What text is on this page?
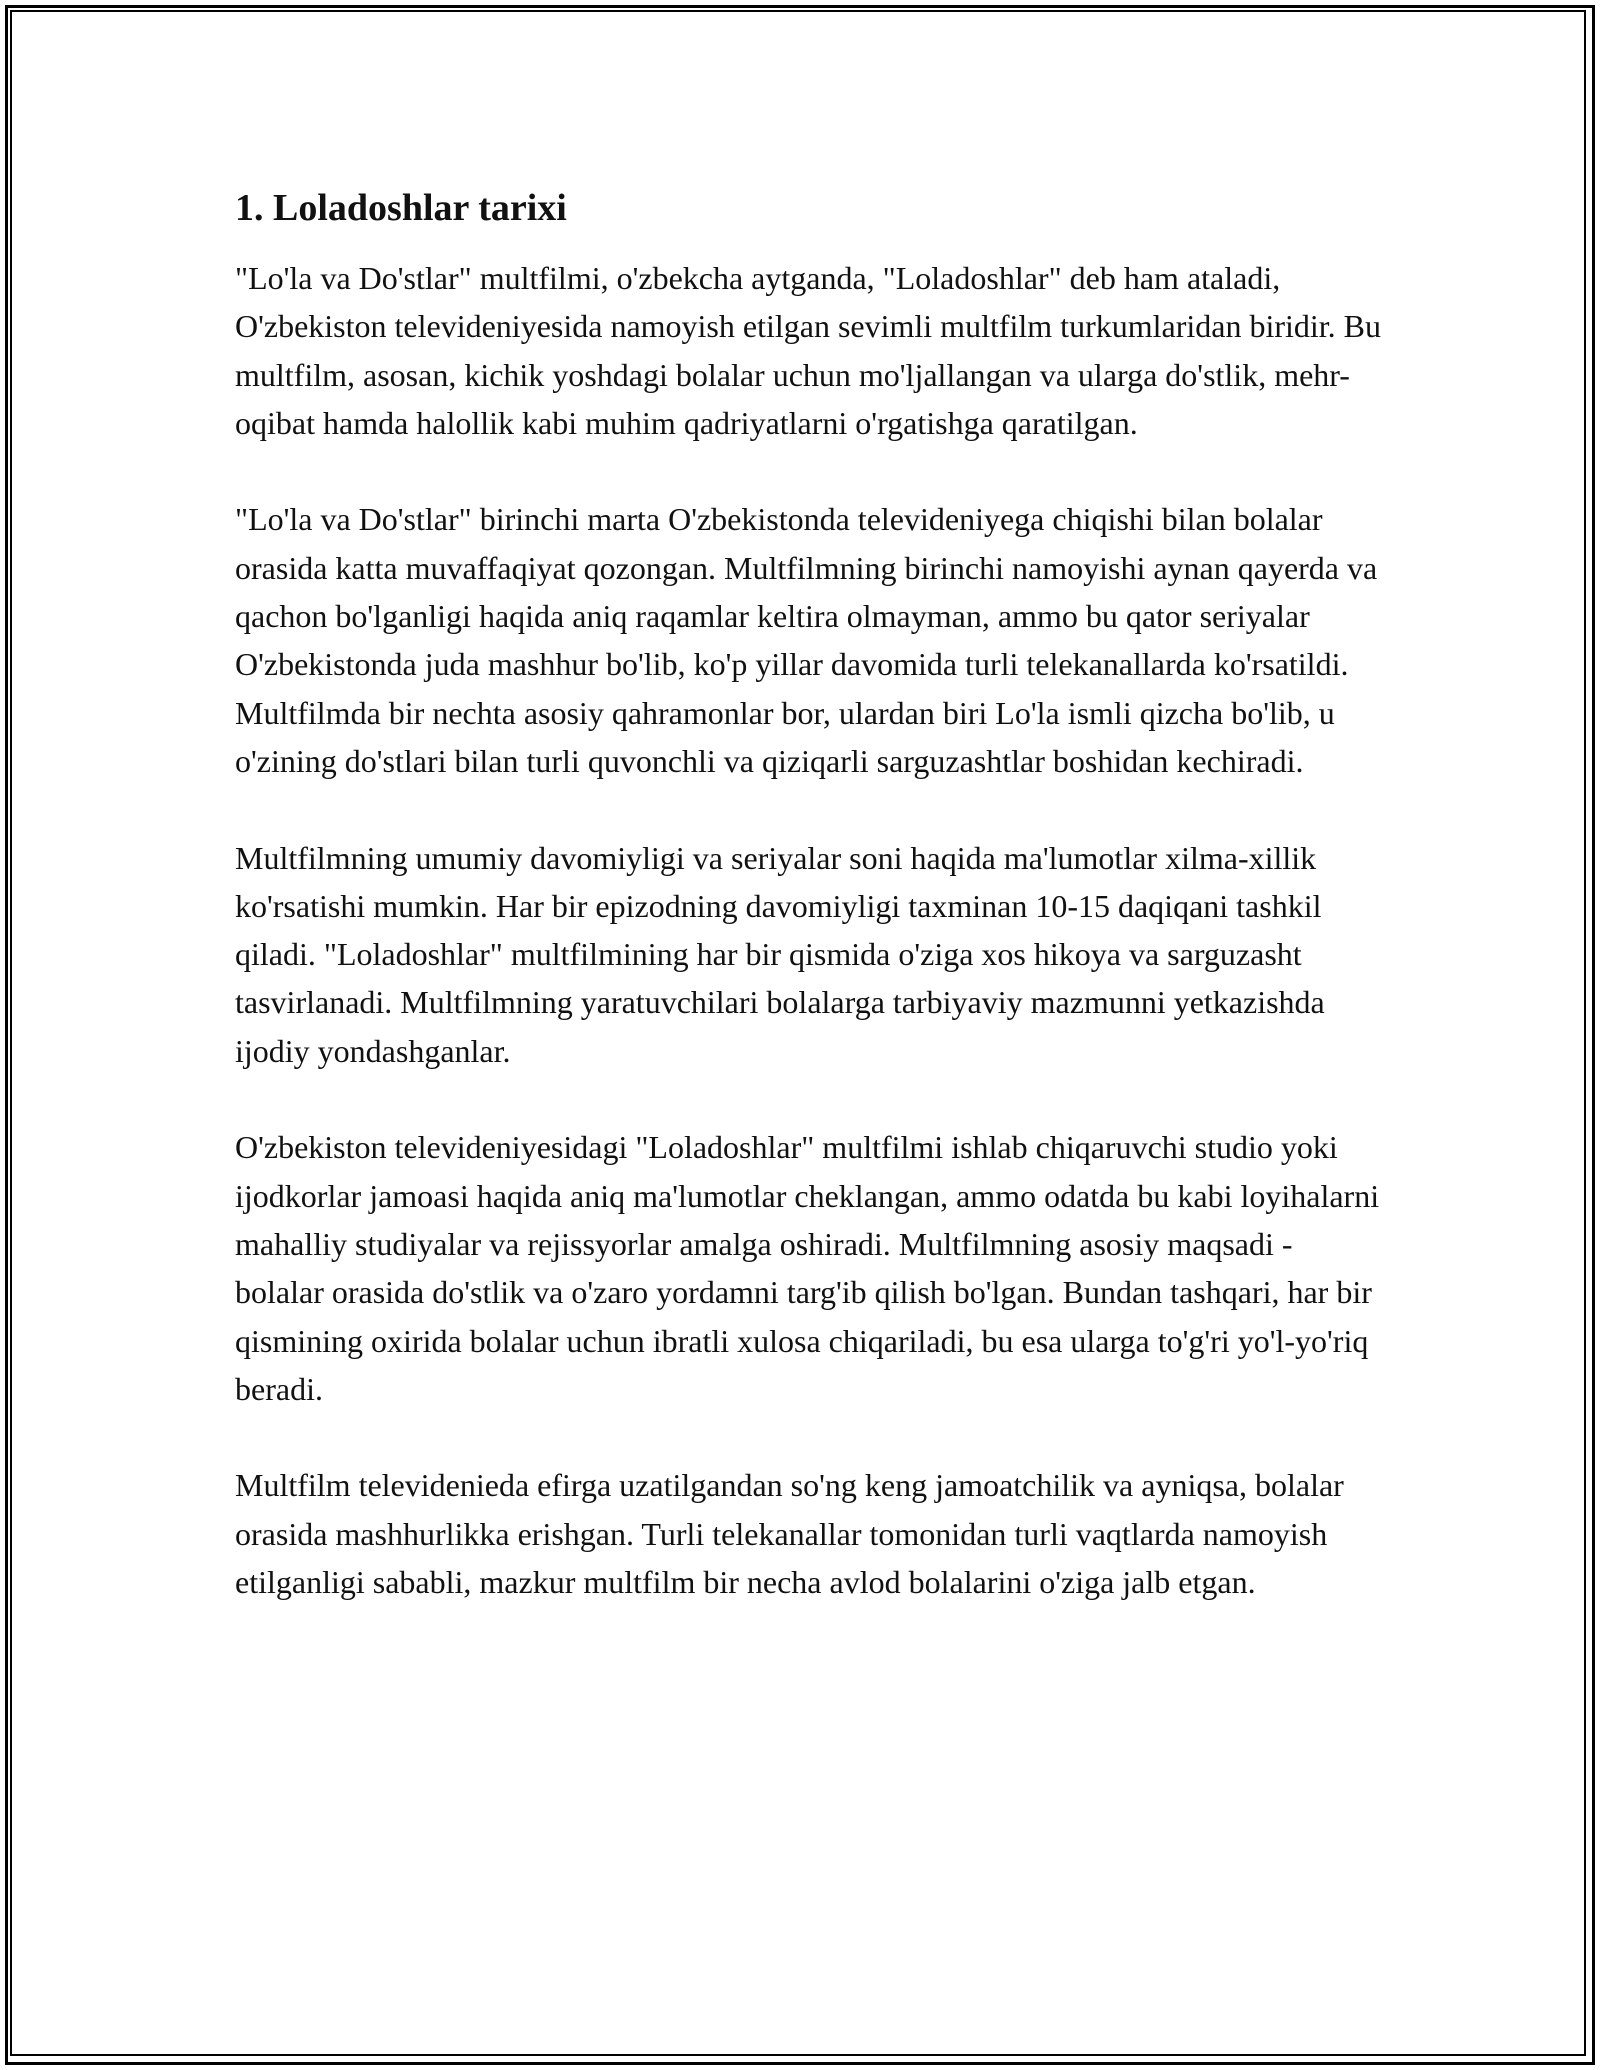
1. Loladoshlar tarixi

"Lo'la va Do'stlar" multfilmi, o'zbekcha aytganda, "Loladoshlar" deb ham ataladi, O'zbekiston televideniyesida namoyish etilgan sevimli multfilm turkumlaridan biridir. Bu multfilm, asosan, kichik yoshdagi bolalar uchun mo'ljallangan va ularga do'stlik, mehr-oqibat hamda halollik kabi muhim qadriyatlarni o'rgatishga qaratilgan.

"Lo'la va Do'stlar" birinchi marta O'zbekistonda televideniyega chiqishi bilan bolalar orasida katta muvaffaqiyat qozongan. Multfilmning birinchi namoyishi aynan qayerda va qachon bo'lganligi haqida aniq raqamlar keltira olmayman, ammo bu qator seriyalar O'zbekistonda juda mashhur bo'lib, ko'p yillar davomida turli telekanallarda ko'rsatildi. Multfilmda bir nechta asosiy qahramonlar bor, ulardan biri Lo'la ismli qizcha bo'lib, u o'zining do'stlari bilan turli quvonchli va qiziqarli sarguzashtlar boshidan kechiradi.

Multfilmning umumiy davomiyligi va seriyalar soni haqida ma'lumotlar xilma-xillik ko'rsatishi mumkin. Har bir epizodning davomiyligi taxminan 10-15 daqiqani tashkil qiladi. "Loladoshlar" multfilmining har bir qismida o'ziga xos hikoya va sarguzasht tasvirlanadi. Multfilmning yaratuvchilari bolalarga tarbiyaviy mazmunni yetkazishda ijodiy yondashganlar.

O'zbekiston televideniyesidagi "Loladoshlar" multfilmi ishlab chiqaruvchi studio yoki ijodkorlar jamoasi haqida aniq ma'lumotlar cheklangan, ammo odatda bu kabi loyihalarni mahalliy studiyalar va rejissyorlar amalga oshiradi. Multfilmning asosiy maqsadi - bolalar orasida do'stlik va o'zaro yordamni targ'ib qilish bo'lgan. Bundan tashqari, har bir qismining oxirida bolalar uchun ibratli xulosa chiqariladi, bu esa ularga to'g'ri yo'l-yo'riq beradi.

Multfilm televidenieda efirga uzatilgandan so'ng keng jamoatchilik va ayniqsa, bolalar orasida mashhurlikka erishgan. Turli telekanallar tomonidan turli vaqtlarda namoyish etilganligi sababli, mazkur multfilm bir necha avlod bolalarini o'ziga jalb etgan.
